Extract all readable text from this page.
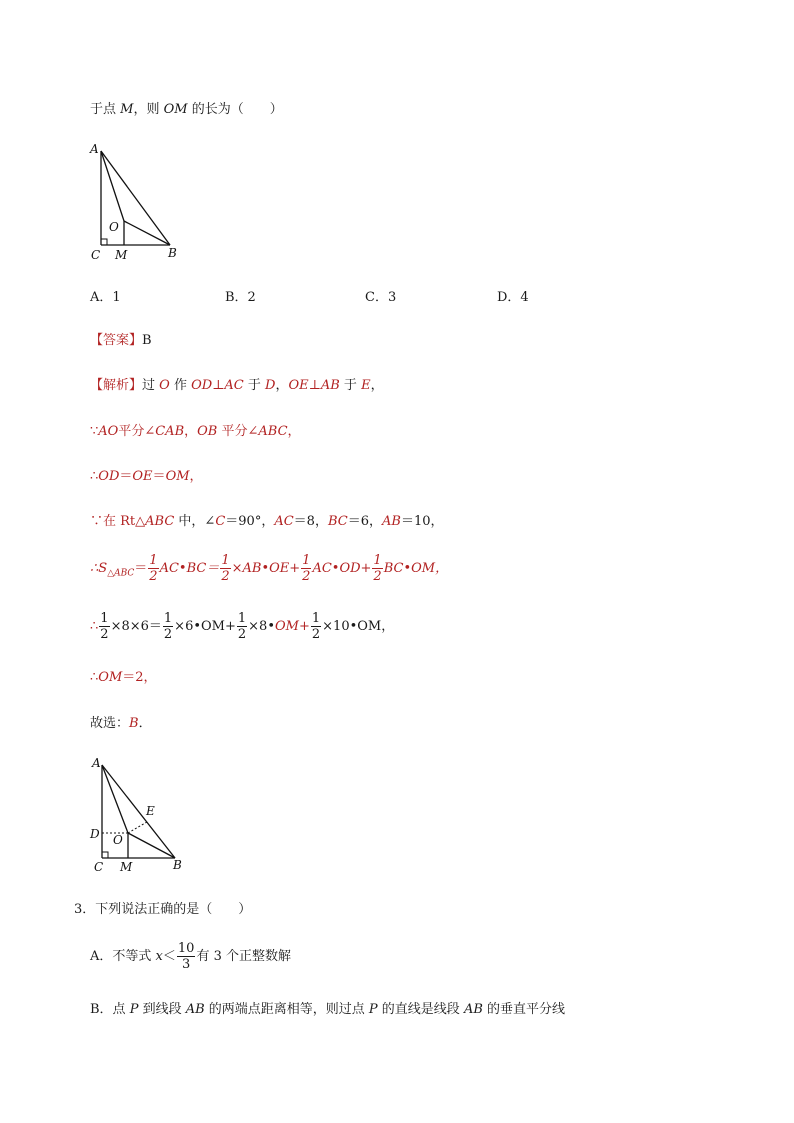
于点 M，则 OM 的长为（　　）
A
O
C M	B
A．1	B．2	C．3	D．4
【答案】B
【解析】过 O 作 OD⊥AC 于 D，OE⊥AB 于 E，
∵AO平分∠CAB，OB 平分∠ABC，
∴OD＝OE＝OM，
∵在 Rt△ABC 中，∠C＝90°，AC＝8，BC＝6，AB＝10，
$\therefore S_{\triangle ABC}= \frac{1}{2}$ AC•BC＝ $\frac{1}{2}$ ×AB•OE+ $\frac{1}{2}$ AC•OD+ $\frac{1}{2}$ BC•OM，
∴ $\frac{1}{2} \times 8\times 6= \frac{1}{2}$ ×6•OM+ $\frac{1}{2}$ ×8•OM+ $\frac{1}{2}$ ×10•OM，
∴OM＝2，
故选：B．
A
E
D O
C M	B
3．下列说法正确的是（　　）
A．不等式 $x< \frac{10}{3}$ 有 3 个正整数解
B．点 P 到线段 AB 的两端点距离相等，则过点 P 的直线是线段 AB 的垂直平分线
